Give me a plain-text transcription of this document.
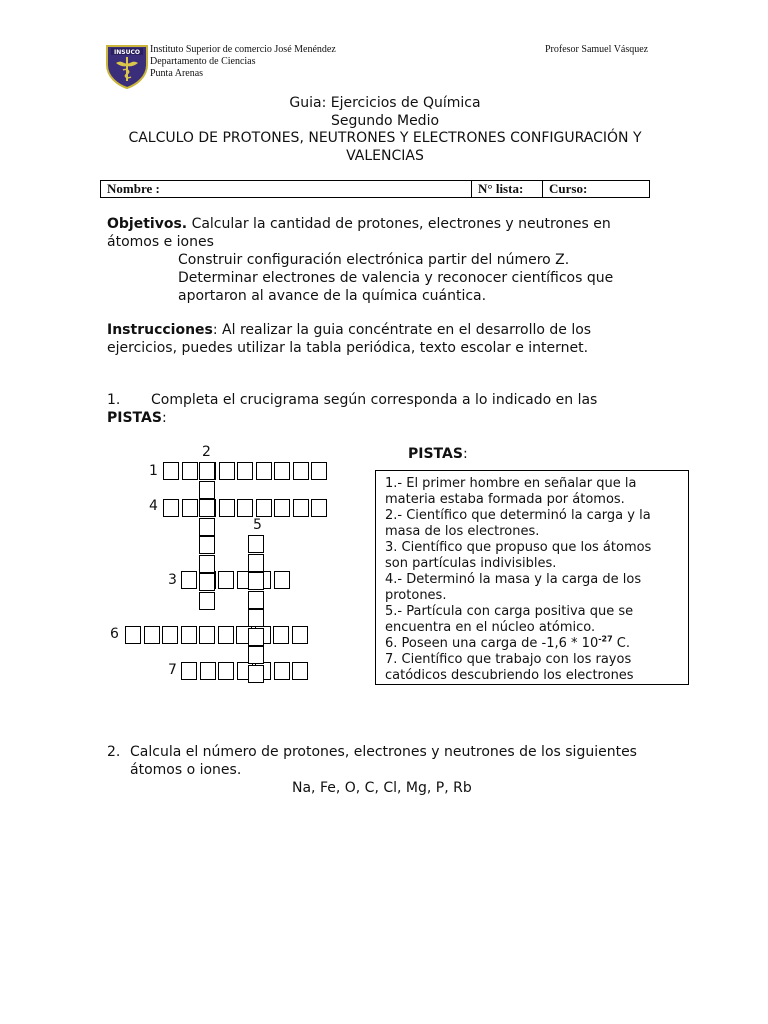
INSUCO Instituto Superior de comercio José Menéndez
Departamento de Ciencias
Punta Arenas
Profesor Samuel Vásquez
Guia: Ejercicios de Química
Segundo Medio
CALCULO DE PROTONES, NEUTRONES Y ELECTRONES CONFIGURACIÓN Y
VALENCIAS
Nombre :	N° lista:	Curso:
Objetivos. Calcular la cantidad de protones, electrones y neutrones en
átomos e iones
Construir configuración electrónica partir del número Z.
Determinar electrones de valencia y reconocer científicos que
aportaron al avance de la química cuántica.
Instrucciones: Al realizar la guia concéntrate en el desarrollo de los
ejercicios, puedes utilizar la tabla periódica, texto escolar e internet.
1. Completa el crucigrama según corresponda a lo indicado en las
PISTAS:
1
2
3
4
5
6
7
PISTAS:
1.- El primer hombre en señalar que la
materia estaba formada por átomos.
2.- Científico que determinó la carga y la
masa de los electrones.
3. Científico que propuso que los átomos
son partículas indivisibles.
4.- Determinó la masa y la carga de los
protones.
5.- Partícula con carga positiva que se
encuentra en el núcleo atómico.
6. Poseen una carga de $-1,6 * 10^{-27}$ C.
7. Científico que trabajo con los rayos
catódicos descubriendo los electrones
2. Calcula el número de protones, electrones y neutrones de los siguientes
átomos o iones.
Na, Fe, O, C, Cl, Mg, P, Rb
